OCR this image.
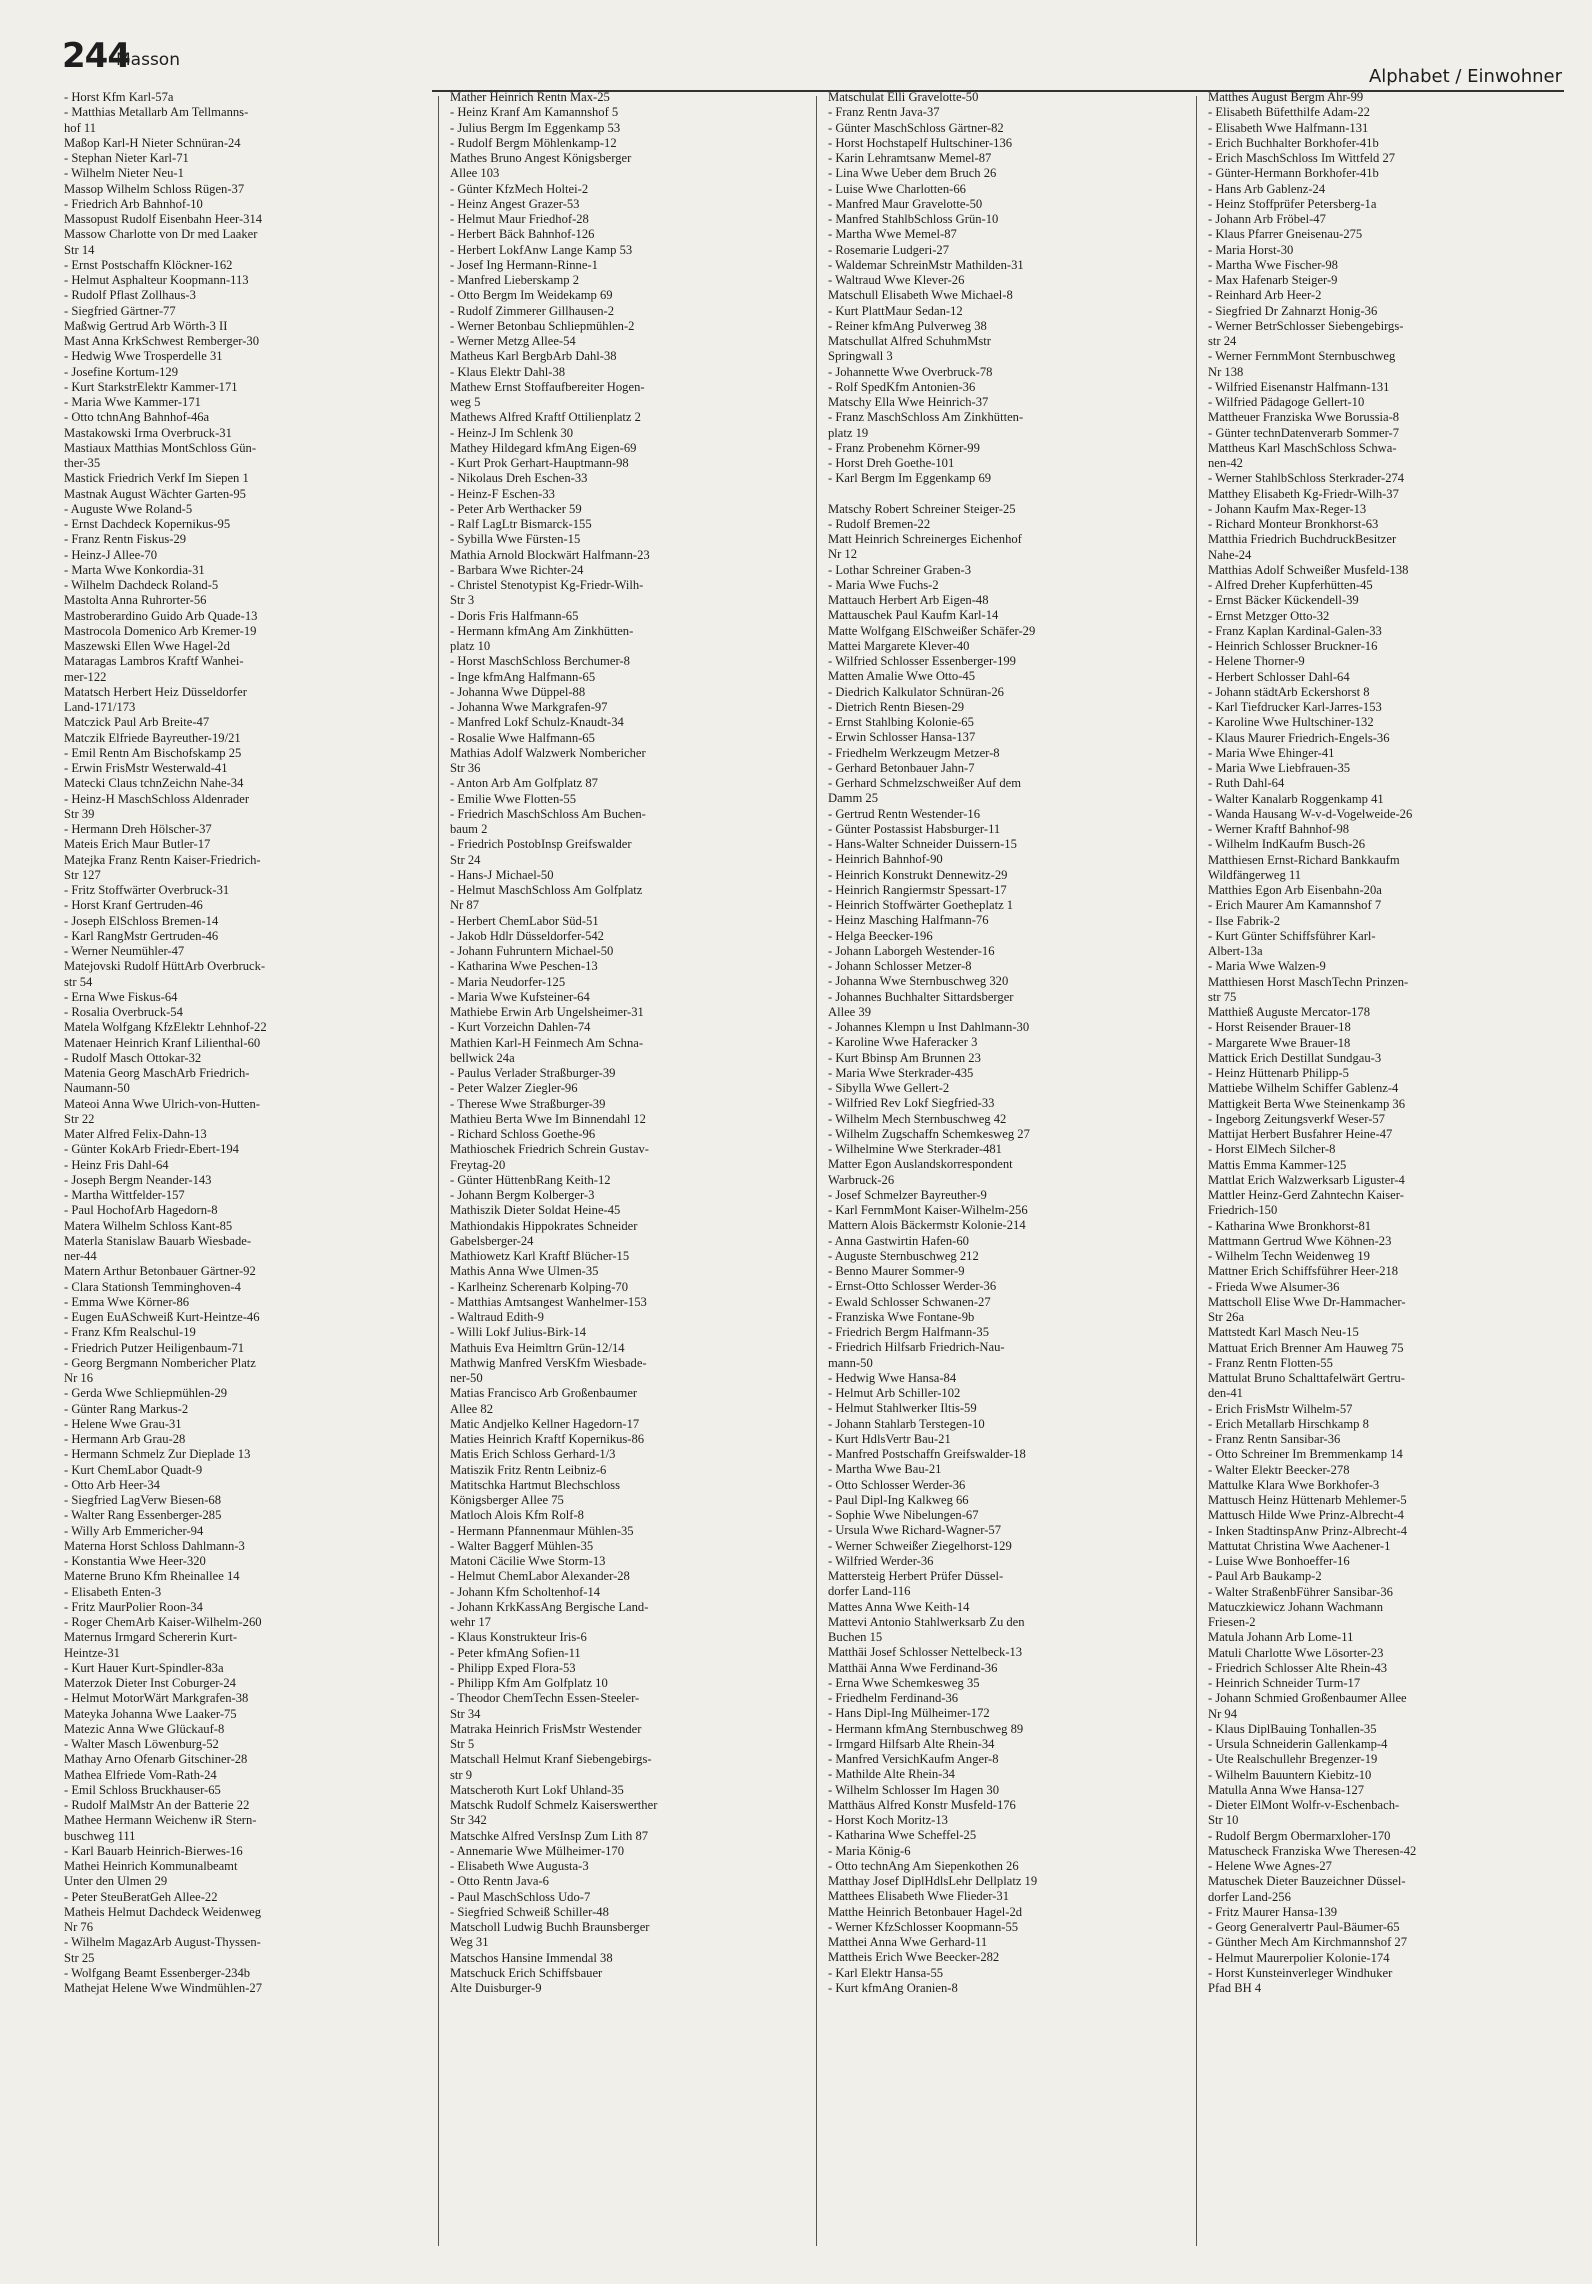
244
Masson
Alphabet / Einwohner
- Horst Kfm Karl-57a
- Matthias Metallarb Am Tellmanns-
hof 11
Maßop Karl-H Nieter Schnüran-24
- Stephan Nieter Karl-71
- Wilhelm Nieter Neu-1
Massop Wilhelm Schloss Rügen-37
- Friedrich Arb Bahnhof-10
Massopust Rudolf Eisenbahn Heer-314
Massow Charlotte von Dr med Laaker
Str 14
- Ernst Postschaffn Klöckner-162
- Helmut Asphalteur Koopmann-113
- Rudolf Pflast Zollhaus-3
- Siegfried Gärtner-77
Maßwig Gertrud Arb Wörth-3 II
Mast Anna KrkSchwest Remberger-30
- Hedwig Wwe Trosperdelle 31
- Josefine Kortum-129
- Kurt StarkstrElektr Kammer-171
- Maria Wwe Kammer-171
- Otto tchnAng Bahnhof-46a
Mastakowski Irma Overbruck-31
Mastiaux Matthias MontSchloss Gün-
ther-35
Mastick Friedrich Verkf Im Siepen 1
Mastnak August Wächter Garten-95
- Auguste Wwe Roland-5
- Ernst Dachdeck Kopernikus-95
- Franz Rentn Fiskus-29
- Heinz-J Allee-70
- Marta Wwe Konkordia-31
- Wilhelm Dachdeck Roland-5
Mastolta Anna Ruhrorter-56
Mastroberardino Guido Arb Quade-13
Mastrocola Domenico Arb Kremer-19
Maszewski Ellen Wwe Hagel-2d
Mataragas Lambros Kraftf Wanhei-
mer-122
Matatsch Herbert Heiz Düsseldorfer
Land-171/173
Matczick Paul Arb Breite-47
Matczik Elfriede Bayreuther-19/21
- Emil Rentn Am Bischofskamp 25
- Erwin FrisMstr Westerwald-41
Matecki Claus tchnZeichn Nahe-34
- Heinz-H MaschSchloss Aldenrader
Str 39
- Hermann Dreh Hölscher-37
Mateis Erich Maur Butler-17
Matejka Franz Rentn Kaiser-Friedrich-
Str 127
- Fritz Stoffwärter Overbruck-31
- Horst Kranf Gertruden-46
- Joseph ElSchloss Bremen-14
- Karl RangMstr Gertruden-46
- Werner Neumühler-47
Matejovski Rudolf HüttArb Overbruck-
str 54
- Erna Wwe Fiskus-64
- Rosalia Overbruck-54
Matela Wolfgang KfzElektr Lehnhof-22
Matenaer Heinrich Kranf Lilienthal-60
- Rudolf Masch Ottokar-32
Matenia Georg MaschArb Friedrich-
Naumann-50
Mateoi Anna Wwe Ulrich-von-Hutten-
Str 22
Mater Alfred Felix-Dahn-13
- Günter KokArb Friedr-Ebert-194
- Heinz Fris Dahl-64
- Joseph Bergm Neander-143
- Martha Wittfelder-157
- Paul HochofArb Hagedorn-8
Matera Wilhelm Schloss Kant-85
Materla Stanislaw Bauarb Wiesbade-
ner-44
Matern Arthur Betonbauer Gärtner-92
- Clara Stationsh Temminghoven-4
- Emma Wwe Körner-86
- Eugen EuASchweiß Kurt-Heintze-46
- Franz Kfm Realschul-19
- Friedrich Putzer Heiligenbaum-71
- Georg Bergmann Nombericher Platz
Nr 16
- Gerda Wwe Schliepmühlen-29
- Günter Rang Markus-2
- Helene Wwe Grau-31
- Hermann Arb Grau-28
- Hermann Schmelz Zur Dieplade 13
- Kurt ChemLabor Quadt-9
- Otto Arb Heer-34
- Siegfried LagVerw Biesen-68
- Walter Rang Essenberger-285
- Willy Arb Emmericher-94
Materna Horst Schloss Dahlmann-3
- Konstantia Wwe Heer-320
Materne Bruno Kfm Rheinallee 14
- Elisabeth Enten-3
- Fritz MaurPolier Roon-34
- Roger ChemArb Kaiser-Wilhelm-260
Maternus Irmgard Schererin Kurt-
Heintze-31
- Kurt Hauer Kurt-Spindler-83a
Materzok Dieter Inst Coburger-24
- Helmut MotorWärt Markgrafen-38
Mateyka Johanna Wwe Laaker-75
Matezic Anna Wwe Glückauf-8
- Walter Masch Löwenburg-52
Mathay Arno Ofenarb Gitschiner-28
Mathea Elfriede Vom-Rath-24
- Emil Schloss Bruckhauser-65
- Rudolf MalMstr An der Batterie 22
Mathee Hermann Weichenw iR Stern-
buschweg 111
- Karl Bauarb Heinrich-Bierwes-16
Mathei Heinrich Kommunalbeamt
Unter den Ulmen 29
- Peter SteuBeratGeh Allee-22
Matheis Helmut Dachdeck Weidenweg
Nr 76
- Wilhelm MagazArb August-Thyssen-
Str 25
- Wolfgang Beamt Essenberger-234b
Mathejat Helene Wwe Windmühlen-27
Mather Heinrich Rentn Max-25
- Heinz Kranf Am Kamannshof 5
- Julius Bergm Im Eggenkamp 53
- Rudolf Bergm Möhlenkamp-12
Mathes Bruno Angest Königsberger
Allee 103
- Günter KfzMech Holtei-2
- Heinz Angest Grazer-53
- Helmut Maur Friedhof-28
- Herbert Bäck Bahnhof-126
- Herbert LokfAnw Lange Kamp 53
- Josef Ing Hermann-Rinne-1
- Manfred Lieberskamp 2
- Otto Bergm Im Weidekamp 69
- Rudolf Zimmerer Gillhausen-2
- Werner Betonbau Schliepmühlen-2
- Werner Metzg Allee-54
Matheus Karl BergbArb Dahl-38
- Klaus Elektr Dahl-38
Mathew Ernst Stoffaufbereiter Hogen-
weg 5
Mathews Alfred Kraftf Ottilienplatz 2
- Heinz-J Im Schlenk 30
Mathey Hildegard kfmAng Eigen-69
- Kurt Prok Gerhart-Hauptmann-98
- Nikolaus Dreh Eschen-33
- Heinz-F Eschen-33
- Peter Arb Werthacker 59
- Ralf LagLtr Bismarck-155
- Sybilla Wwe Fürsten-15
Mathia Arnold Blockwärt Halfmann-23
- Barbara Wwe Richter-24
- Christel Stenotypist Kg-Friedr-Wilh-
Str 3
- Doris Fris Halfmann-65
- Hermann kfmAng Am Zinkhütten-
platz 10
- Horst MaschSchloss Berchumer-8
- Inge kfmAng Halfmann-65
- Johanna Wwe Düppel-88
- Johanna Wwe Markgrafen-97
- Manfred Lokf Schulz-Knaudt-34
- Rosalie Wwe Halfmann-65
Mathias Adolf Walzwerk Nombericher
Str 36
- Anton Arb Am Golfplatz 87
- Emilie Wwe Flotten-55
- Friedrich MaschSchloss Am Buchen-
baum 2
- Friedrich PostobInsp Greifswalder
Str 24
- Hans-J Michael-50
- Helmut MaschSchloss Am Golfplatz
Nr 87
- Herbert ChemLabor Süd-51
- Jakob Hdlr Düsseldorfer-542
- Johann Fuhruntern Michael-50
- Katharina Wwe Peschen-13
- Maria Neudorfer-125
- Maria Wwe Kufsteiner-64
Mathiebe Erwin Arb Ungelsheimer-31
- Kurt Vorzeichn Dahlen-74
Mathien Karl-H Feinmech Am Schna-
bellwick 24a
- Paulus Verlader Straßburger-39
- Peter Walzer Ziegler-96
- Therese Wwe Straßburger-39
Mathieu Berta Wwe Im Binnendahl 12
- Richard Schloss Goethe-96
Mathioschek Friedrich Schrein Gustav-
Freytag-20
- Günter HüttenbRang Keith-12
- Johann Bergm Kolberger-3
Mathiszik Dieter Soldat Heine-45
Mathiondakis Hippokrates Schneider
Gabelsberger-24
Mathiowetz Karl Kraftf Blücher-15
Mathis Anna Wwe Ulmen-35
- Karlheinz Scherenarb Kolping-70
- Matthias Amtsangest Wanhelmer-153
- Waltraud Edith-9
- Willi Lokf Julius-Birk-14
Mathuis Eva Heimltrn Grün-12/14
Mathwig Manfred VersKfm Wiesbade-
ner-50
Matias Francisco Arb Großenbaumer
Allee 82
Matic Andjelko Kellner Hagedorn-17
Maties Heinrich Kraftf Kopernikus-86
Matis Erich Schloss Gerhard-1/3
Matiszik Fritz Rentn Leibniz-6
Matitschka Hartmut Blechschloss
Königsberger Allee 75
Matloch Alois Kfm Rolf-8
- Hermann Pfannenmaur Mühlen-35
- Walter Baggerf Mühlen-35
Matoni Cäcilie Wwe Storm-13
- Helmut ChemLabor Alexander-28
- Johann Kfm Scholtenhof-14
- Johann KrkKassAng Bergische Land-
wehr 17
- Klaus Konstrukteur Iris-6
- Peter kfmAng Sofien-11
- Philipp Exped Flora-53
- Philipp Kfm Am Golfplatz 10
- Theodor ChemTechn Essen-Steeler-
Str 34
Matraka Heinrich FrisMstr Westender
Str 5
Matschall Helmut Kranf Siebengebirgs-
str 9
Matscheroth Kurt Lokf Uhland-35
Matschk Rudolf Schmelz Kaiserswerther
Str 342
Matschke Alfred VersInsp Zum Lith 87
- Annemarie Wwe Mülheimer-170
- Elisabeth Wwe Augusta-3
- Otto Rentn Java-6
- Paul MaschSchloss Udo-7
- Siegfried Schweiß Schiller-48
Matscholl Ludwig Buchh Braunsberger
Weg 31
Matschos Hansine Immendal 38
Matschuck Erich Schiffsbauer
Alte Duisburger-9
Matschulat Elli Gravelotte-50
- Franz Rentn Java-37
- Günter MaschSchloss Gärtner-82
- Horst Hochstapelf Hultschiner-136
- Karin Lehramtsanw Memel-87
- Lina Wwe Ueber dem Bruch 26
- Luise Wwe Charlotten-66
- Manfred Maur Gravelotte-50
- Manfred StahlbSchloss Grün-10
- Martha Wwe Memel-87
- Rosemarie Ludgeri-27
- Waldemar SchreinMstr Mathilden-31
- Waltraud Wwe Klever-26
Matschull Elisabeth Wwe Michael-8
- Kurt PlattMaur Sedan-12
- Reiner kfmAng Pulverweg 38
Matschullat Alfred SchuhmMstr
Springwall 3
- Johannette Wwe Overbruck-78
- Rolf SpedKfm Antonien-36
Matschy Ella Wwe Heinrich-37
- Franz MaschSchloss Am Zinkhütten-
platz 19
- Franz Probenehm Körner-99
- Horst Dreh Goethe-101
- Karl Bergm Im Eggenkamp 69
Matschy Robert Schreiner Steiger-25
- Rudolf Bremen-22
Matt Heinrich Schreinerges Eichenhof
Nr 12
- Lothar Schreiner Graben-3
- Maria Wwe Fuchs-2
Mattauch Herbert Arb Eigen-48
Mattauschek Paul Kaufm Karl-14
Matte Wolfgang ElSchweißer Schäfer-29
Mattei Margarete Klever-40
- Wilfried Schlosser Essenberger-199
Matten Amalie Wwe Otto-45
- Diedrich Kalkulator Schnüran-26
- Dietrich Rentn Biesen-29
- Ernst Stahlbing Kolonie-65
- Erwin Schlosser Hansa-137
- Friedhelm Werkzeugm Metzer-8
- Gerhard Betonbauer Jahn-7
- Gerhard Schmelzschweißer Auf dem
Damm 25
- Gertrud Rentn Westender-16
- Günter Postassist Habsburger-11
- Hans-Walter Schneider Duissern-15
- Heinrich Bahnhof-90
- Heinrich Konstrukt Dennewitz-29
- Heinrich Rangiermstr Spessart-17
- Heinrich Stoffwärter Goetheplatz 1
- Heinz Masching Halfmann-76
- Helga Beecker-196
- Johann Laborgeh Westender-16
- Johann Schlosser Metzer-8
- Johanna Wwe Sternbuschweg 320
- Johannes Buchhalter Sittardsberger
Allee 39
- Johannes Klempn u Inst Dahlmann-30
- Karoline Wwe Haferacker 3
- Kurt Bbinsp Am Brunnen 23
- Maria Wwe Sterkrader-435
- Sibylla Wwe Gellert-2
- Wilfried Rev Lokf Siegfried-33
- Wilhelm Mech Sternbuschweg 42
- Wilhelm Zugschaffn Schemkesweg 27
- Wilhelmine Wwe Sterkrader-481
Matter Egon Auslandskorrespondent
Warbruck-26
- Josef Schmelzer Bayreuther-9
- Karl FernmMont Kaiser-Wilhelm-256
Mattern Alois Bäckermstr Kolonie-214
- Anna Gastwirtin Hafen-60
- Auguste Sternbuschweg 212
- Benno Maurer Sommer-9
- Ernst-Otto Schlosser Werder-36
- Ewald Schlosser Schwanen-27
- Franziska Wwe Fontane-9b
- Friedrich Bergm Halfmann-35
- Friedrich Hilfsarb Friedrich-Nau-
mann-50
- Hedwig Wwe Hansa-84
- Helmut Arb Schiller-102
- Helmut Stahlwerker Iltis-59
- Johann Stahlarb Terstegen-10
- Kurt HdlsVertr Bau-21
- Manfred Postschaffn Greifswalder-18
- Martha Wwe Bau-21
- Otto Schlosser Werder-36
- Paul Dipl-Ing Kalkweg 66
- Sophie Wwe Nibelungen-67
- Ursula Wwe Richard-Wagner-57
- Werner Schweißer Ziegelhorst-129
- Wilfried Werder-36
Mattersteig Herbert Prüfer Düssel-
dorfer Land-116
Mattes Anna Wwe Keith-14
Mattevi Antonio Stahlwerksarb Zu den
Buchen 15
Matthäi Josef Schlosser Nettelbeck-13
Matthäi Anna Wwe Ferdinand-36
- Erna Wwe Schemkesweg 35
- Friedhelm Ferdinand-36
- Hans Dipl-Ing Mülheimer-172
- Hermann kfmAng Sternbuschweg 89
- Irmgard Hilfsarb Alte Rhein-34
- Manfred VersichKaufm Anger-8
- Mathilde Alte Rhein-34
- Wilhelm Schlosser Im Hagen 30
Matthäus Alfred Konstr Musfeld-176
- Horst Koch Moritz-13
- Katharina Wwe Scheffel-25
- Maria König-6
- Otto technAng Am Siepenkothen 26
Matthay Josef DiplHdlsLehr Dellplatz 19
Matthees Elisabeth Wwe Flieder-31
Matthe Heinrich Betonbauer Hagel-2d
- Werner KfzSchlosser Koopmann-55
Matthei Anna Wwe Gerhard-11
Mattheis Erich Wwe Beecker-282
- Karl Elektr Hansa-55
- Kurt kfmAng Oranien-8
Matthes August Bergm Ahr-99
- Elisabeth Büfetthilfe Adam-22
- Elisabeth Wwe Halfmann-131
- Erich Buchhalter Borkhofer-41b
- Erich MaschSchloss Im Wittfeld 27
- Günter-Hermann Borkhofer-41b
- Hans Arb Gablenz-24
- Heinz Stoffprüfer Petersberg-1a
- Johann Arb Fröbel-47
- Klaus Pfarrer Gneisenau-275
- Maria Horst-30
- Martha Wwe Fischer-98
- Max Hafenarb Steiger-9
- Reinhard Arb Heer-2
- Siegfried Dr Zahnarzt Honig-36
- Werner BetrSchlosser Siebengebirgs-
str 24
- Werner FernmMont Sternbuschweg
Nr 138
- Wilfried Eisenanstr Halfmann-131
- Wilfried Pädagoge Gellert-10
Mattheuer Franziska Wwe Borussia-8
- Günter technDatenverarb Sommer-7
Mattheus Karl MaschSchloss Schwa-
nen-42
- Werner StahlbSchloss Sterkrader-274
Matthey Elisabeth Kg-Friedr-Wilh-37
- Johann Kaufm Max-Reger-13
- Richard Monteur Bronkhorst-63
Matthia Friedrich BuchdruckBesitzer
Nahe-24
Matthias Adolf Schweißer Musfeld-138
- Alfred Dreher Kupferhütten-45
- Ernst Bäcker Kückendell-39
- Ernst Metzger Otto-32
- Franz Kaplan Kardinal-Galen-33
- Heinrich Schlosser Bruckner-16
- Helene Thorner-9
- Herbert Schlosser Dahl-64
- Johann städtArb Eckershorst 8
- Karl Tiefdrucker Karl-Jarres-153
- Karoline Wwe Hultschiner-132
- Klaus Maurer Friedrich-Engels-36
- Maria Wwe Ehinger-41
- Maria Wwe Liebfrauen-35
- Ruth Dahl-64
- Walter Kanalarb Roggenkamp 41
- Wanda Hausang W-v-d-Vogelweide-26
- Werner Kraftf Bahnhof-98
- Wilhelm IndKaufm Busch-26
Matthiesen Ernst-Richard Bankkaufm
Wildfängerweg 11
Matthies Egon Arb Eisenbahn-20a
- Erich Maurer Am Kamannshof 7
- Ilse Fabrik-2
- Kurt Günter Schiffsführer Karl-
Albert-13a
- Maria Wwe Walzen-9
Matthiesen Horst MaschTechn Prinzen-
str 75
Matthieß Auguste Mercator-178
- Horst Reisender Brauer-18
- Margarete Wwe Brauer-18
Mattick Erich Destillat Sundgau-3
- Heinz Hüttenarb Philipp-5
Mattiebe Wilhelm Schiffer Gablenz-4
Mattigkeit Berta Wwe Steinenkamp 36
- Ingeborg Zeitungsverkf Weser-57
Mattijat Herbert Busfahrer Heine-47
- Horst ElMech Silcher-8
Mattis Emma Kammer-125
Mattlat Erich Walzwerksarb Liguster-4
Mattler Heinz-Gerd Zahntechn Kaiser-
Friedrich-150
- Katharina Wwe Bronkhorst-81
Mattmann Gertrud Wwe Köhnen-23
- Wilhelm Techn Weidenweg 19
Mattner Erich Schiffsführer Heer-218
- Frieda Wwe Alsumer-36
Mattscholl Elise Wwe Dr-Hammacher-
Str 26a
Mattstedt Karl Masch Neu-15
Mattuat Erich Brenner Am Hauweg 75
- Franz Rentn Flotten-55
Mattulat Bruno Schalttafelwärt Gertru-
den-41
- Erich FrisMstr Wilhelm-57
- Erich Metallarb Hirschkamp 8
- Franz Rentn Sansibar-36
- Otto Schreiner Im Bremmenkamp 14
- Walter Elektr Beecker-278
Mattulke Klara Wwe Borkhofer-3
Mattusch Heinz Hüttenarb Mehlemer-5
Mattusch Hilde Wwe Prinz-Albrecht-4
- Inken StadtinspAnw Prinz-Albrecht-4
Mattutat Christina Wwe Aachener-1
- Luise Wwe Bonhoeffer-16
- Paul Arb Baukamp-2
- Walter StraßenbFührer Sansibar-36
Matuczkiewicz Johann Wachmann
Friesen-2
Matula Johann Arb Lome-11
Matuli Charlotte Wwe Lösorter-23
- Friedrich Schlosser Alte Rhein-43
- Heinrich Schneider Turm-17
- Johann Schmied Großenbaumer Allee
Nr 94
- Klaus DiplBauing Tonhallen-35
- Ursula Schneiderin Gallenkamp-4
- Ute Realschullehr Bregenzer-19
- Wilhelm Bauuntern Kiebitz-10
Matulla Anna Wwe Hansa-127
- Dieter ElMont Wolfr-v-Eschenbach-
Str 10
- Rudolf Bergm Obermarxloher-170
Matuscheck Franziska Wwe Theresen-42
- Helene Wwe Agnes-27
Matuschek Dieter Bauzeichner Düssel-
dorfer Land-256
- Fritz Maurer Hansa-139
- Georg Generalvertr Paul-Bäumer-65
- Günther Mech Am Kirchmannshof 27
- Helmut Maurerpolier Kolonie-174
- Horst Kunsteinverleger Windhuker
Pfad BH 4
